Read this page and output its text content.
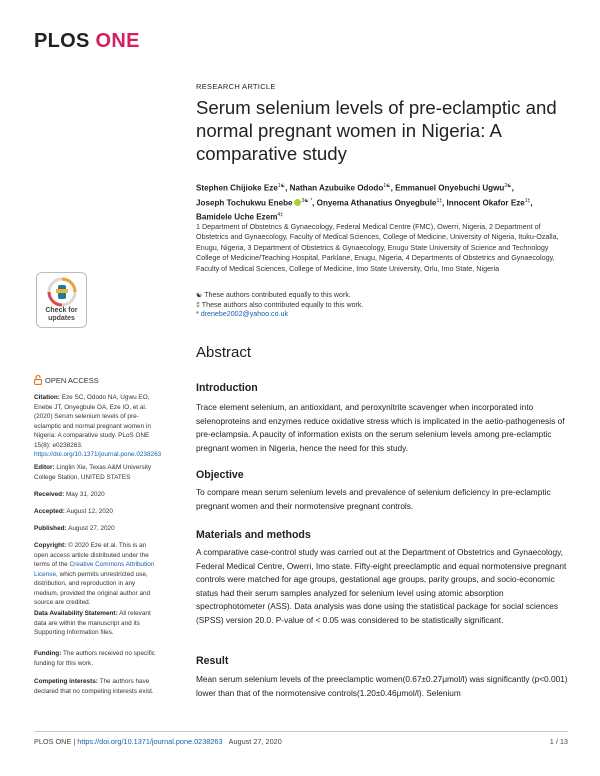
PLOS ONE
RESEARCH ARTICLE
Serum selenium levels of pre-eclamptic and normal pregnant women in Nigeria: A comparative study
Stephen Chijioke Eze$^{1☯}$, Nathan Azubuike Ododo$^{1☯}$, Emmanuel Onyebuchi Ugwu$^{2☯}$,
Joseph Tochukwu Enebe $^{3☯ *}$, Onyema Athanatius Onyegbule$^{1\ddagger}$, Innocent Okafor Eze$^{1\ddagger}$,
Bamidele Uche Ezem$^{4\ddagger}$
1 Department of Obstetrics & Gynaecology, Federal Medical Centre (FMC), Owerri, Nigeria, 2 Department of Obstetrics and Gynaecology, Faculty of Medical Sciences, College of Medicine, University of Nigeria, Ituku-Ozalla, Enugu, Nigeria, 3 Department of Obstetrics & Gynaecology, Enugu State University of Science and Technology College of Medicine/Teaching Hospital, Parklane, Enugu, Nigeria, 4 Departments of Obstetrics and Gynaecology, Faculty of Medical Sciences, College of Medicine, Imo State University, Orlu, Imo State, Nigeria
☯ These authors contributed equally to this work.
‡ These authors also contributed equally to this work.
* drenebe2002@yahoo.co.uk
Check for
updates
OPEN ACCESS
Citation: Eze SC, Ododo NA, Ugwu EO, Enebe JT, Onyegbule OA, Eze IO, et al. (2020) Serum selenium levels of pre-eclamptic and normal pregnant women in Nigeria: A comparative study. PLoS ONE 15(8): e0238263. https://doi.org/10.1371/journal.pone.0238263
Editor: Linglin Xie, Texas A&M University College Station, UNITED STATES
Received: May 31, 2020
Accepted: August 12, 2020
Published: August 27, 2020
Copyright: © 2020 Eze et al. This is an open access article distributed under the terms of the Creative Commons Attribution License, which permits unrestricted use, distribution, and reproduction in any medium, provided the original author and source are credited.
Data Availability Statement: All relevant data are within the manuscript and its Supporting Information files.
Funding: The authors received no specific funding for this work.
Competing interests: The authors have declared that no competing interests exist.
Abstract
Introduction
Trace element selenium, an antioxidant, and peroxynitrite scavenger when incorporated into selenoproteins and enzymes reduce oxidative stress which is implicated in the aetio-pathogenesis of pre-eclampsia. A paucity of information exists on the serum selenium levels among pre-eclamptic pregnant women in Nigeria, hence the need for this study.
Objective
To compare mean serum selenium levels and prevalence of selenium deficiency in pre-eclamptic pregnant women and their normotensive pregnant controls.
Materials and methods
A comparative case-control study was carried out at the Department of Obstetrics and Gynaecology, Federal Medical Centre, Owerri, Imo state. Fifty-eight preeclamptic and equal normotensive pregnant controls were matched for age groups, gestational age groups, parity groups, and socio-economic status had their serum samples analyzed for selenium level using atomic absorption spectrophotometer (ASS). Data analysis was done using the statistical package for social sciences (SPSS) version 20.0. P-value of < 0.05 was considered to be statistically significant.
Result
Mean serum selenium levels of the preeclamptic women(0.67±0.27μmol/l) was significantly (p<0.001) lower than that of the normotensive controls(1.20±0.46μmol/l). Selenium
PLOS ONE | https://doi.org/10.1371/journal.pone.0238263 August 27, 2020	1 / 13
